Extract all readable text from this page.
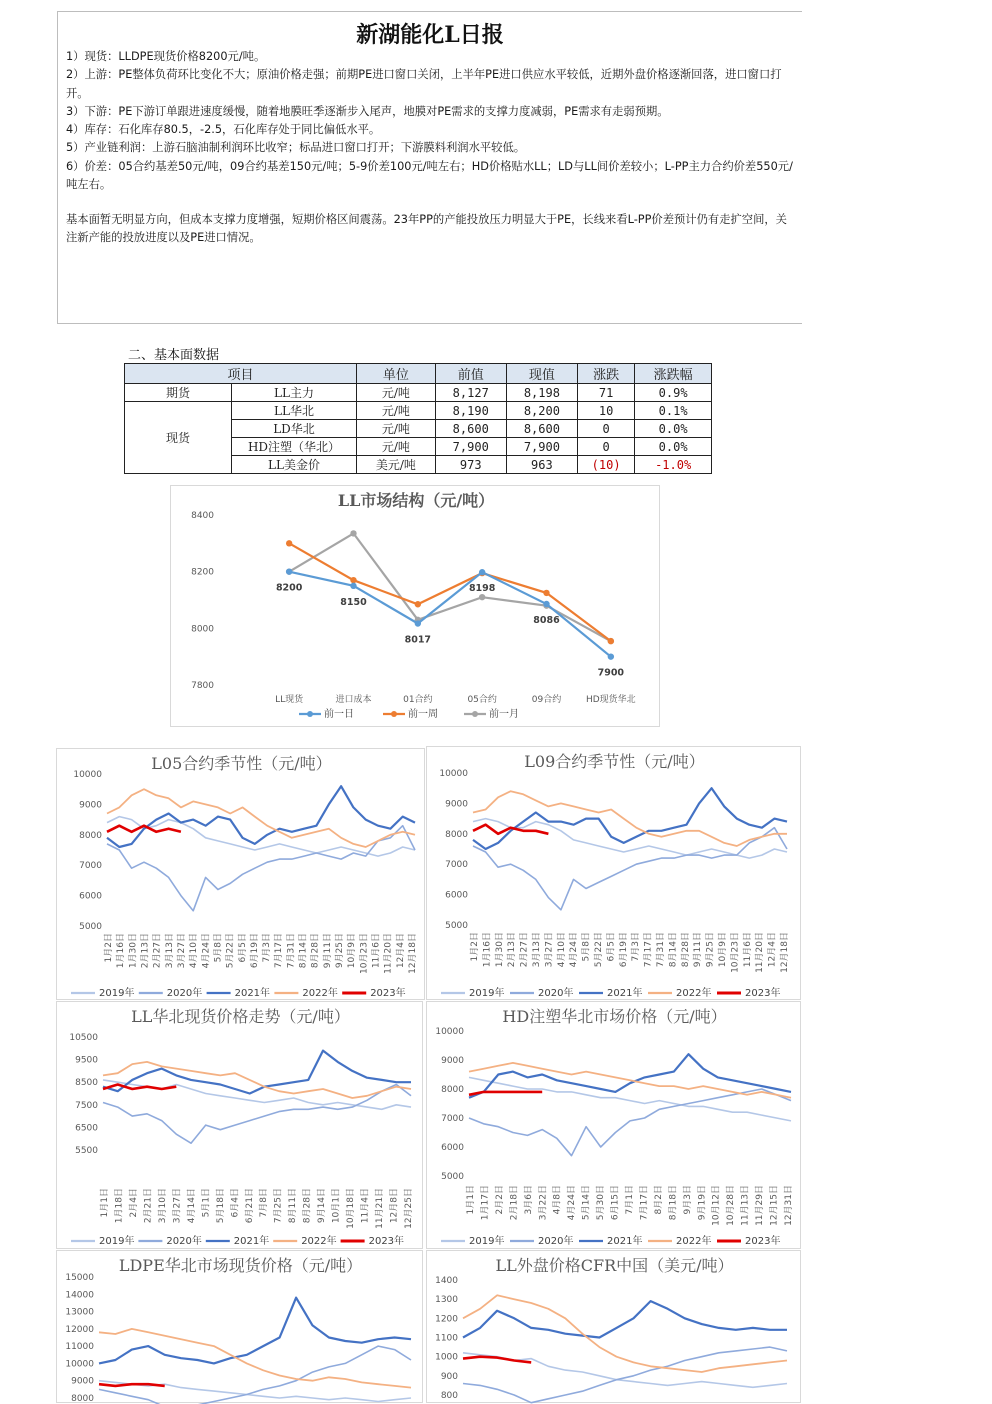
新湖能化L日报
1）现货：LLDPE现货价格8200元/吨。
2）上游：PE整体负荷环比变化不大；原油价格走强；前期PE进口窗口关闭，上半年PE进口供应水平较低，近期外盘价格逐渐回落，进口窗口打开。
3）下游：PE下游订单跟进速度缓慢，随着地膜旺季逐渐步入尾声，地膜对PE需求的支撑力度减弱，PE需求有走弱预期。
4）库存：石化库存80.5，-2.5，石化库存处于同比偏低水平。
5）产业链利润：上游石脑油制利润环比收窄；标品进口窗口打开；下游膜料利润水平较低。
6）价差：05合约基差50元/吨，09合约基差150元/吨；5-9价差100元/吨左右；HD价格贴水LL；LD与LL间价差较小；L-PP主力合约价差550元/吨左右。
基本面暂无明显方向，但成本支撑力度增强，短期价格区间震荡。23年PP的产能投放压力明显大于PE，长线来看L-PP价差预计仍有走扩空间，关注新产能的投放进度以及PE进口情况。
二、基本面数据
项目		单位	前值	现值	涨跌	涨跌幅
期货	LL主力	元/吨	8,127	8,198	71	0.9%
现货	LL华北	元/吨	8,190	8,200	10	0.1%
	LD华北	元/吨	8,600	8,600	0	0.0%
	HD注塑（华北）	元/吨	7,900	7,900	0	0.0%
	LL美金价	美元/吨	973	963	(10)	-1.0%
LL市场结构（元/吨）
8400
8200
8000
7800
LL现货	进口成本	01合约	05合约	09合约	HD现货华北
8200
8150
8017
8198
8086
7900
前一日	前一周	前一月
L05合约季节性（元/吨）
10000
9000
8000
7000
6000
5000
1月2日 1月16日 1月30日 2月13日 2月27日 3月13日 3月27日 4月10日 4月24日 5月8日 5月22日 6月5日 6月19日 7月3日 7月17日 7月31日 8月14日 8月28日 9月11日 9月25日 10月9日 10月23日 11月6日 11月20日 12月4日 12月18日
2019年	2020年	2021年	2022年	2023年
L09合约季节性（元/吨）
10000
9000
8000
7000
6000
5000
1月2日 1月16日 1月30日 2月13日 2月27日 3月13日 3月27日 4月10日 4月24日 5月8日 5月22日 6月5日 6月19日 7月3日 7月17日 7月31日 8月14日 8月28日 9月11日 9月25日 10月9日 10月23日 11月6日 11月20日 12月4日 12月18日
2019年	2020年	2021年	2022年	2023年
LL华北现货价格走势（元/吨）
10500
9500
8500
7500
6500
5500
1月1日 1月18日 2月4日 2月21日 3月10日 3月27日 4月14日 5月1日 5月18日 6月4日 6月21日 7月8日 7月25日 8月11日 8月28日 9月14日 10月1日 10月18日 11月4日 11月21日 12月8日 12月25日
2019年	2020年	2021年	2022年	2023年
HD注塑华北市场价格（元/吨）
10000
9000
8000
7000
6000
5000
1月1日 1月17日 2月2日 2月18日 3月6日 3月22日 4月8日 4月24日 5月14日 5月30日 6月15日 7月1日 7月17日 8月2日 8月18日 9月3日 9月19日 10月12日 10月28日 11月13日 11月29日 12月15日 12月31日
2019年	2020年	2021年	2022年	2023年
LDPE华北市场现货价格（元/吨）
15000
14000
13000
12000
11000
10000
9000
8000
LL外盘价格CFR中国（美元/吨）
1400
1300
1200
1100
1000
900
800
